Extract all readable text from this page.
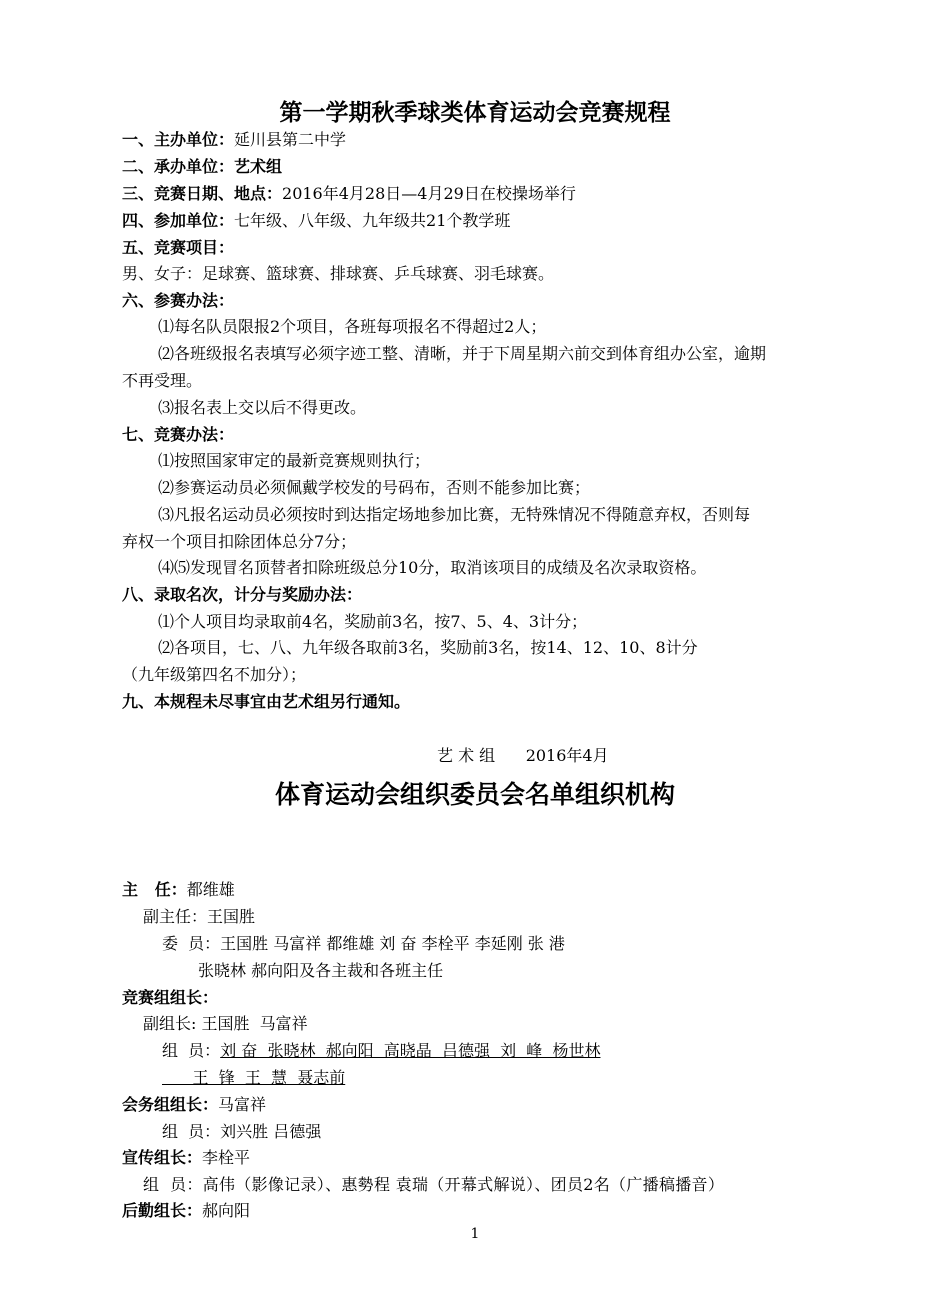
第一学期秋季球类体育运动会竞赛规程
一、主办单位：延川县第二中学
二、承办单位：艺术组
三、竞赛日期、地点：2016年4月28日—4月29日在校操场举行
四、参加单位：七年级、八年级、九年级共21个教学班
五、竞赛项目：
男、女子：足球赛、篮球赛、排球赛、乒乓球赛、羽毛球赛。
六、参赛办法：
⑴每名队员限报2个项目，各班每项报名不得超过2人；
⑵各班级报名表填写必须字迹工整、清晰，并于下周星期六前交到体育组办公室，逾期
不再受理。
⑶报名表上交以后不得更改。
七、竞赛办法：
⑴按照国家审定的最新竞赛规则执行；
⑵参赛运动员必须佩戴学校发的号码布，否则不能参加比赛；
⑶凡报名运动员必须按时到达指定场地参加比赛，无特殊情况不得随意弃权，否则每
弃权一个项目扣除团体总分7分；
⑷⑸发现冒名顶替者扣除班级总分10分，取消该项目的成绩及名次录取资格。
八、录取名次，计分与奖励办法：
⑴个人项目均录取前4名，奖励前3名，按7、5、4、3计分；
⑵各项目，七、八、九年级各取前3名，奖励前3名，按14、12、10、8计分
（九年级第四名不加分）；
九、本规程未尽事宜由艺术组另行通知。
艺 术 组      2016年4月
体育运动会组织委员会名单组织机构
主   任：都维雄
副主任：王国胜
委  员：王国胜 马富祥 都维雄 刘 奋 李栓平 李延刚 张 港
张晓林 郝向阳及各主裁和各班主任
竞赛组组长：
副组长: 王国胜  马富祥
组  员：刘 奋  张晓林  郝向阳  高晓晶  吕德强  刘  峰  杨世林
王  锋  王  慧  聂志前
会务组组长：马富祥
组  员：刘兴胜 吕德强
宣传组长：李栓平
组  员：高伟（影像记录）、惠勢程 袁瑞（开幕式解说）、团员2名（广播稿播音）
后勤组长：郝向阳
1
